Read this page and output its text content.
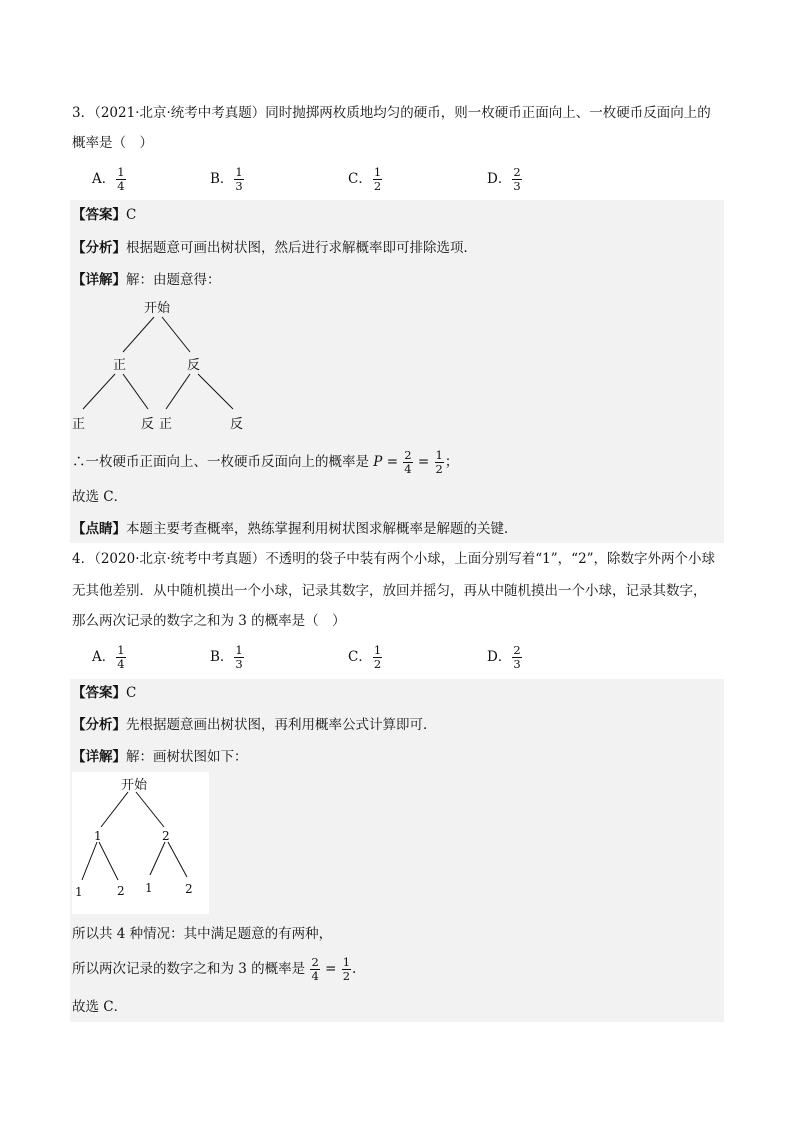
3．（2021·北京·统考中考真题）同时抛掷两枚质地均匀的硬币，则一枚硬币正面向上、一枚硬币反面向上的
概率是（　）
A． $\frac{1}{4}$	B． $\frac{1}{3}$	C． $\frac{1}{2}$	D． $\frac{2}{3}$
【答案】C
【分析】根据题意可画出树状图，然后进行求解概率即可排除选项．
【详解】解：由题意得：
开始
正	反
正	反 正	反
∴一枚硬币正面向上、一枚硬币反面向上的概率是 $P = \frac{2}{4} = \frac{1}{2}$ ；
故选 C．
【点睛】本题主要考查概率，熟练掌握利用树状图求解概率是解题的关键．
4．（2020·北京·统考中考真题）不透明的袋子中装有两个小球，上面分别写着“1”，“2”，除数字外两个小球
无其他差别．从中随机摸出一个小球，记录其数字，放回并摇匀，再从中随机摸出一个小球，记录其数字，
那么两次记录的数字之和为 3 的概率是（　）
A． $\frac{1}{4}$	B． $\frac{1}{3}$	C． $\frac{1}{2}$	D． $\frac{2}{3}$
【答案】C
【分析】先根据题意画出树状图，再利用概率公式计算即可．
【详解】解：画树状图如下：
开始
1	2
1	2 1	2
所以共 4 种情况：其中满足题意的有两种，
所以两次记录的数字之和为 3 的概率是 $\frac{2}{4} = \frac{1}{2}$ .
故选 C．
